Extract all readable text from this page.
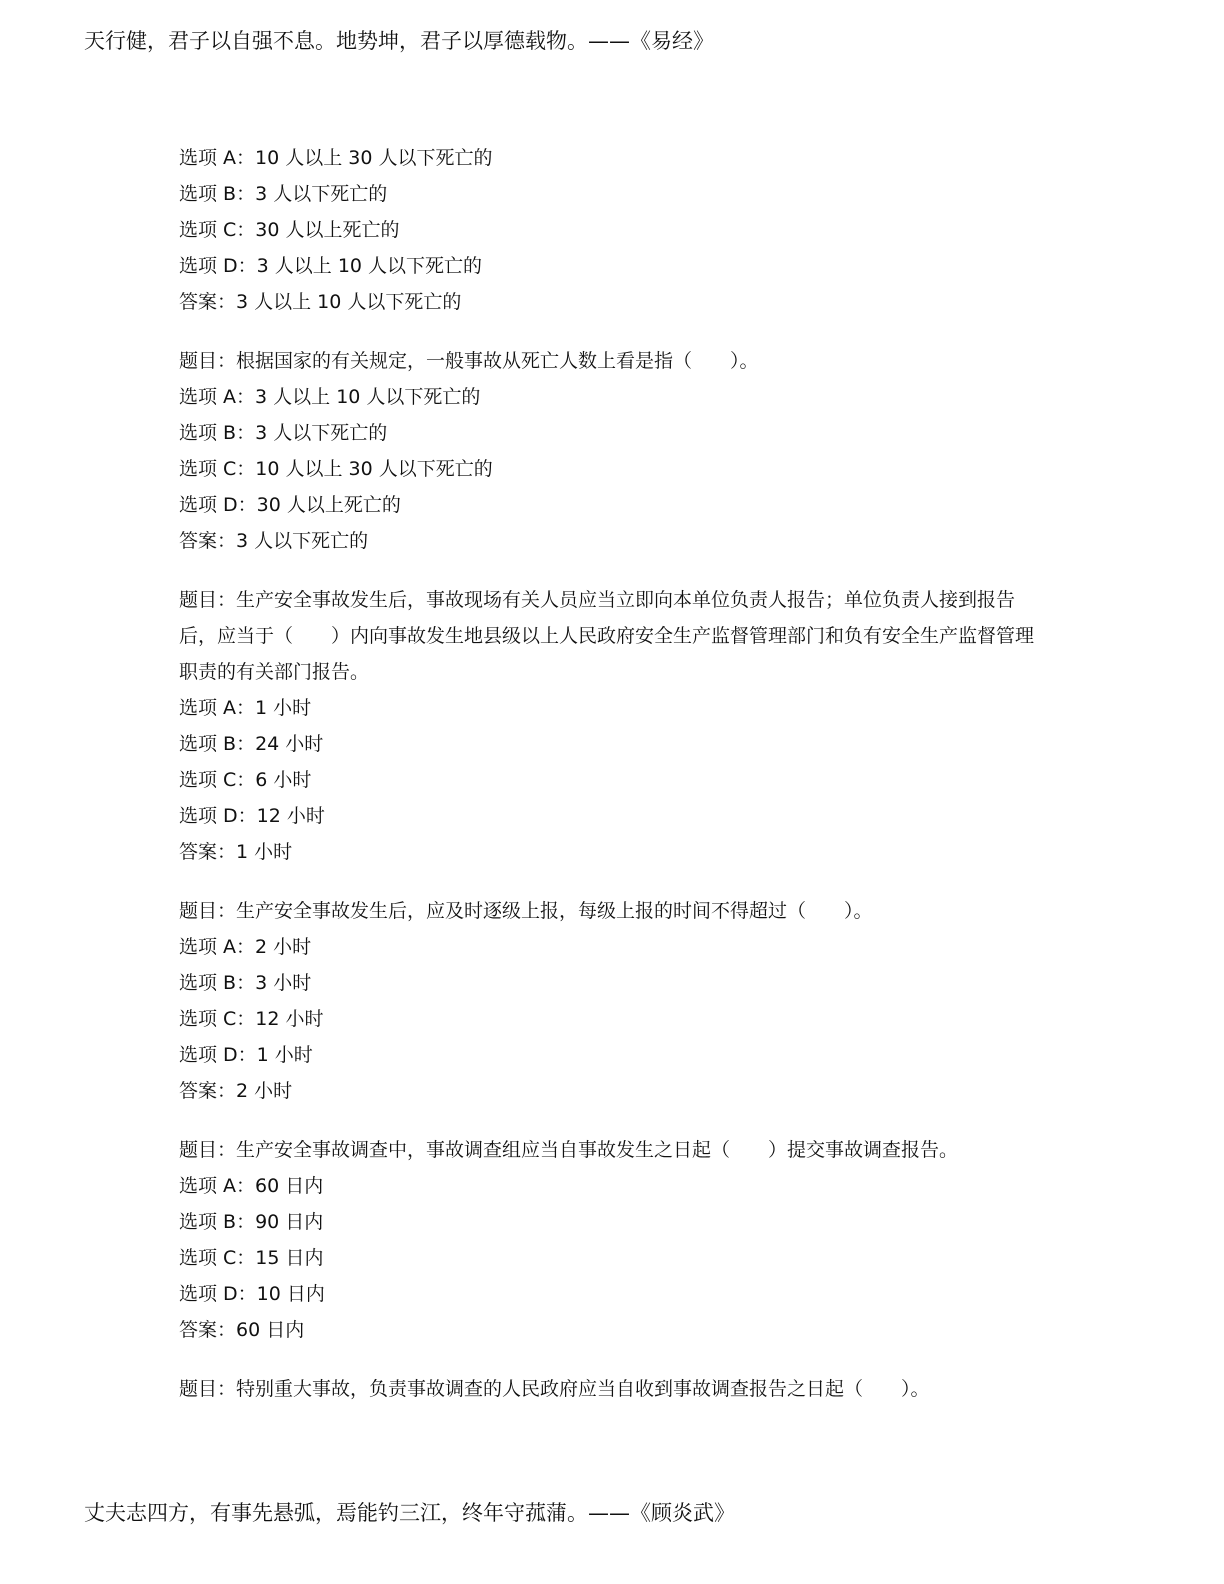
天行健，君子以自强不息。地势坤，君子以厚德载物。——《易经》
选项 A：10 人以上 30 人以下死亡的
选项 B：3 人以下死亡的
选项 C：30 人以上死亡的
选项 D：3 人以上 10 人以下死亡的
答案：3 人以上 10 人以下死亡的
题目：根据国家的有关规定，一般事故从死亡人数上看是指（　　）。
选项 A：3 人以上 10 人以下死亡的
选项 B：3 人以下死亡的
选项 C：10 人以上 30 人以下死亡的
选项 D：30 人以上死亡的
答案：3 人以下死亡的
题目：生产安全事故发生后，事故现场有关人员应当立即向本单位负责人报告；单位负责人接到报告后，应当于（　　）内向事故发生地县级以上人民政府安全生产监督管理部门和负有安全生产监督管理职责的有关部门报告。
选项 A：1 小时
选项 B：24 小时
选项 C：6 小时
选项 D：12 小时
答案：1 小时
题目：生产安全事故发生后，应及时逐级上报，每级上报的时间不得超过（　　）。
选项 A：2 小时
选项 B：3 小时
选项 C：12 小时
选项 D：1 小时
答案：2 小时
题目：生产安全事故调查中，事故调查组应当自事故发生之日起（　　）提交事故调查报告。
选项 A：60 日内
选项 B：90 日内
选项 C：15 日内
选项 D：10 日内
答案：60 日内
题目：特别重大事故，负责事故调查的人民政府应当自收到事故调查报告之日起（　　）。
丈夫志四方，有事先悬弧，焉能钓三江，终年守菰蒲。——《顾炎武》
